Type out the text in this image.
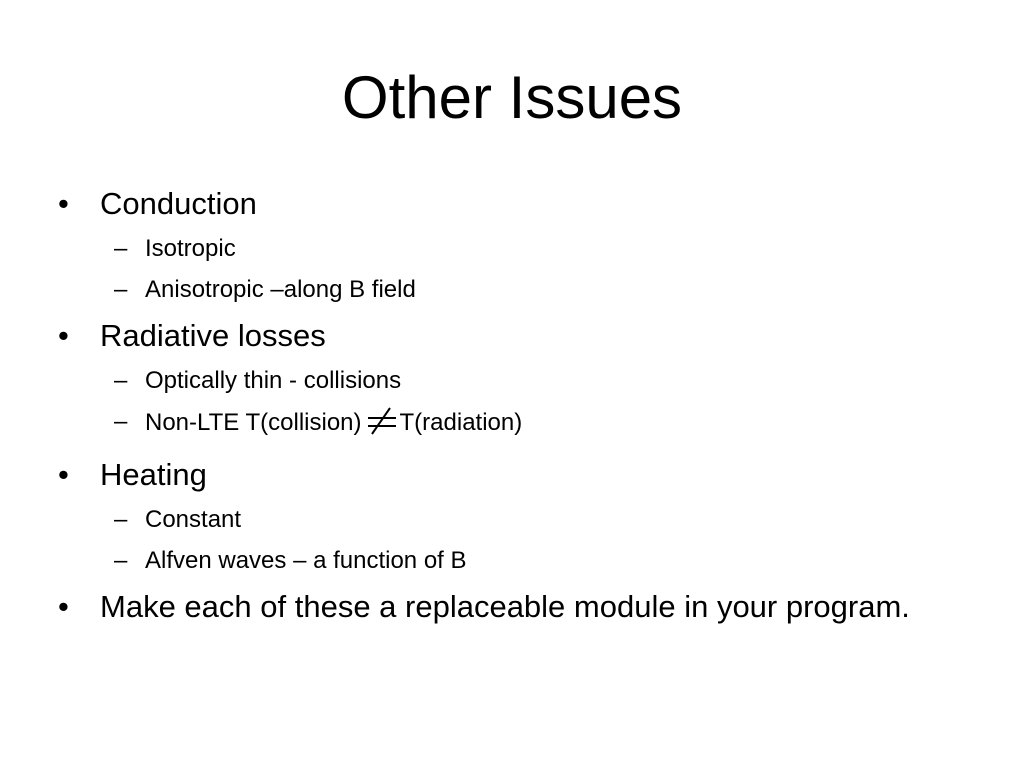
Other Issues
• Conduction
– Isotropic
– Anisotropic –along B field
• Radiative losses
– Optically thin - collisions
– Non-LTE T(collision) T(radiation)
• Heating
– Constant
– Alfven waves – a function of B
• Make each of these a replaceable module in your program.
